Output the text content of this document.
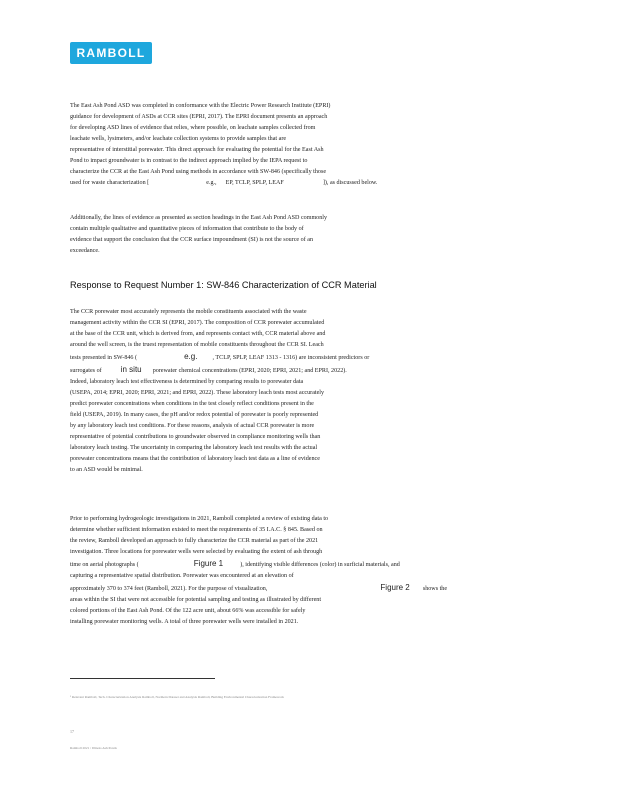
RAMBOLL

The East Ash Pond ASD was completed in conformance with the Electric Power Research Institute (EPRI)
guidance for development of ASDs at CCR sites (EPRI, 2017). The EPRI document presents an approach
for developing ASD lines of evidence that relies, where possible, on leachate samples collected from
leachate wells, lysimeters, and/or leachate collection systems to provide samples that are
representative of interstitial porewater. This direct approach for evaluating the potential for the East Ash
Pond to impact groundwater is in contrast to the indirect approach implied by the IEPA request to
characterize the CCR at the East Ash Pond using methods in accordance with SW-846 (specifically those
used for waste characterization [	e.g., EP, TCLP, SPLP, LEAF	]), as discussed below.

Additionally, the lines of evidence as presented as section headings in the East Ash Pond ASD commonly
contain multiple qualitative and quantitative pieces of information that contribute to the body of
evidence that support the conclusion that the CCR surface impoundment (SI) is not the source of an
exceedance.

Response to Request Number 1: SW-846 Characterization of CCR Material

The CCR porewater most accurately represents the mobile constituents associated with the waste
management activity within the CCR SI (EPRI, 2017). The composition of CCR porewater accumulated
at the base of the CCR unit, which is derived from, and represents contact with, CCR material above and
around the well screen, is the truest representation of mobile constituents throughout the CCR SI. Leach
tests presented in SW-846 (	e.g. , TCLP, SPLP, LEAF 1313 - 1316) are inconsistent predictors or
surrogates of in situ porewater chemical concentrations (EPRI, 2020; EPRI, 2021; and EPRI, 2022).
Indeed, laboratory leach test effectiveness is determined by comparing results to porewater data
(USEPA, 2014; EPRI, 2020; EPRI, 2021; and EPRI, 2022). These laboratory leach tests most accurately
predict porewater concentrations when conditions in the test closely reflect conditions present in the
field (USEPA, 2019). In many cases, the pH and/or redox potential of porewater is poorly represented
by any laboratory leach test conditions. For these reasons, analysis of actual CCR porewater is more
representative of potential contributions to groundwater observed in compliance monitoring wells than
laboratory leach testing. The uncertainty in comparing the laboratory leach test results with the actual
porewater concentrations means that the contribution of laboratory leach test data as a line of evidence
to an ASD would be minimal.

Prior to performing hydrogeologic investigations in 2021, Ramboll completed a review of existing data to
determine whether sufficient information existed to meet the requirements of 35 I.A.C. § 845. Based on
the review, Ramboll developed an approach to fully characterize the CCR material as part of the 2021
investigation. Three locations for porewater wells were selected by evaluating the extent of ash through
time on aerial photographs (	Figure 1	), identifying visible differences (color) in surficial materials, and
capturing a representative spatial distribution. Porewater was encountered at an elevation of
approximately 370 to 374 feet (Ramboll, 2021). For the purpose of visualization,	Figure 2 shows the
areas within the SI that were not accessible for potential sampling and testing as illustrated by different
colored portions of the East Ash Pond. Of the 122 acre unit, about 66% was accessible for safely
installing porewater monitoring wells. A total of three porewater wells were installed in 2021.

¹ Relevant Ramboll, Tech. Characterization Analysis Ramboll, Northern Dataset and Analysis Ramboll, Building Environmental Characterization Framework
17
Ramboll 2021 / Illinois Ash Ponds
